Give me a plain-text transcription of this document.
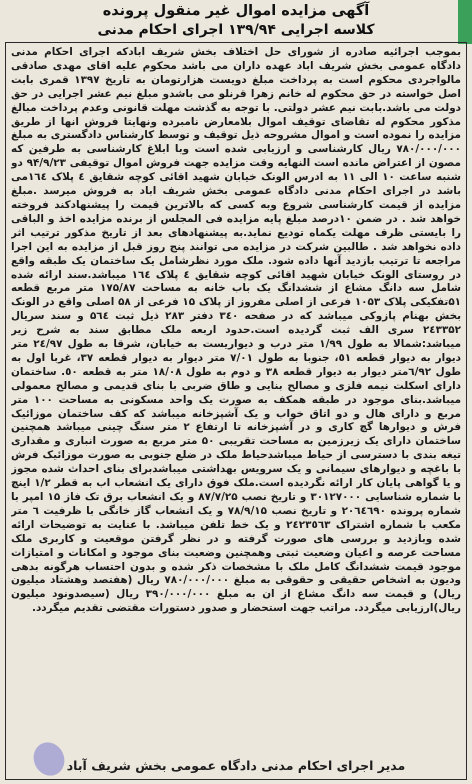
آگهی مزایده اموال غیر منقول پرونده
کلاسه اجرایی ۱۳۹/۹۴ اجرای احکام مدنی

بموجب اجرائیه صادره از شورای حل اختلاف بخش شریف ابادکه اجرای احکام مدنی دادگاه عمومی بخش شریف اباد عهده داران می باشد محکوم علیه اقای مهدی صادقی مالواجردی محکوم است به پرداخت مبلغ دویست هزارتومان به تاریخ ۱۳۹۷ قمری بابت اصل خواسته در حق محکوم له خانم زهرا قرنلو می باشدو مبلغ نیم عشر اجرایی در حق دولت می باشد.بابت نیم عشر دولتی. با توجه به گذشت مهلت قانونی وعدم پرداخت مبالغ مذکور محکوم له تقاضای توقیف اموال بلامعارض نامبرده ونهایتا فروش انها از طریق مزایده را نموده است و اموال مشروحه ذیل توقیف و توسط کارشناس دادگستری به مبلغ ۷۸۰/۰۰۰/۰۰۰ ریال کارشناسی و ارزیابی شده است وبا ابلاغ کارشناسی به طرفین که مصون از اعتراض مانده است النهایه وقت مزایده جهت فروش اموال توقیفی ۹۴/۹/۲۳ دو شنبه ساعت ۱۰ الی ۱۱ به ادرس الونک خیابان شهید اقائی کوچه شقایق ٤ پلاک ١٦٤می باشد در اجرای احکام مدنی دادگاه عمومی بخش شریف اباد به فروش میرسد .مبلغ مزایده از قیمت کارشناسی شروع وبه کسی که بالاترین قیمت را پیشنهادکند فروخته خواهد شد . در ضمن ۱۰درصد مبلغ پایه مزایده فی المجلس از برنده مزایده اخذ و الباقی را بایستی ظرف مهلت یکماه تودیع نماید.به پیشنهادهای بعد از تاریخ مذکور ترتیب اثر داده نخواهد شد . طالبین شرکت در مزایده می توانند پنج روز قبل از مزایده به این اجرا مراجعه تا ترتیب بازدید آنها داده شود. ملک مورد نظرشامل یک ساختمان یک طبقه واقع در روستای الونک خیابان شهید اقائی کوچه شقایق ٤ پلاک ١٦٤ میباشد.سند ارائه شده شامل سه دانگ مشاع از ششدانگ یک باب خانه به مساحت ۱۷۵/۸۷ متر مربع قطعه ۵۱تفکیکی پلاک ۱۰۵۳ فرعی از اصلی مفروز از پلاک ۱۵ فرعی از ۵۸ اصلی واقع در الونک بخش بهنام پازوکی میباشد که در صفحه ۳٤۰ دفتر ۲۸۳ ذیل ثبت ۵٦٤ و سند سریال ۲٤۳۳۵۲ سری الف ثبت گردیده است.حدود اربعه ملک مطابق سند به شرح زیر میباشد:شمالا به طول ۱/۹۹ متر درب و دیواریست به خیابان، شرقا به طول ۲٤/۹۷ متر دیوار به دیوار قطعه ٥١، جنوبا به طول ٧/٠١ متر دیوار به دیوار قطعه ٣٧، غربا اول به طول ٦/٩٢متر دیوار به دیوار قطعه ٣٨ و دوم به طول ١٨/٠٨ متر به قطعه ٥٠. ساختمان دارای اسکلت نیمه فلزی و مصالح بنایی و طاق ضربی با بنای قدیمی و مصالح معمولی میباشد.بنای موجود در طبقه همکف به صورت یک واحد مسکونی به مساحت ۱۰۰ متر مربع و دارای هال و دو اتاق خواب و یک آشپزخانه میباشد که کف ساختمان موزائیک فرش و دیوارها گچ کاری و در آشپزخانه تا ارتفاع ۲ متر سنگ چینی میباشد همچنین ساختمان دارای یک زیرزمین به مساحت تقریبی ۵۰ متر مربع به صورت انباری و مقداری تیغه بندی با دسترسی از حیاط میباشدحیاط ملک در ضلع جنوبی به صورت موزائیک فرش با باغچه و دیوارهای سیمانی و یک سرویس بهداشتی میباشدبرای بنای احداث شده مجوز و یا گواهی پایان کار ارائه نگردیده است.ملک فوق دارای یک انشعاب اب به قطر ۱/۲ اینچ با شماره شناسایی ۳۰۱۲۷۰۰۰ و تاریخ نصب ۸۷/۷/۲۵ و یک انشعاب برق تک فاز ۱۵ امپر با شماره پرونده ۲۰٦٤٦٩۰ و تاریخ نصب ۷۸/۹/۱۵ و یک انشعاب گاز خانگی با ظرفیت ٦ متر مکعب با شماره اشتراک ۲٤٢٣٥٦٣ و یک خط تلفن میباشد. با عنایت به توضیحات ارائه شده وبازدید و بررسی های صورت گرفته و در نظر گرفتن موقعیت و کاربری ملک مساحت عرصه و اعیان وضعیت ثبتی وهمچنین وضعیت بنای موجود و امکانات و امتیازات موجود قیمت ششدانگ کامل ملک با مشخصات ذکر شده و بدون احتساب هرگونه بدهی ودیون به اشخاص حقیقی و حقوقی به مبلغ ۷۸۰/۰۰۰/۰۰۰ ریال (هفتصد وهشتاد میلیون ریال) و قیمت سه دانگ مشاع از ان به مبلغ ۳۹۰/۰۰۰/۰۰۰ ریال (سیصدونود میلیون ریال)ارزیابی میگردد. مراتب جهت استحضار و صدور دستورات مقتضی تقدیم میگردد.

مدیر اجرای احکام مدنی دادگاه عمومی بخش شریف آباد
